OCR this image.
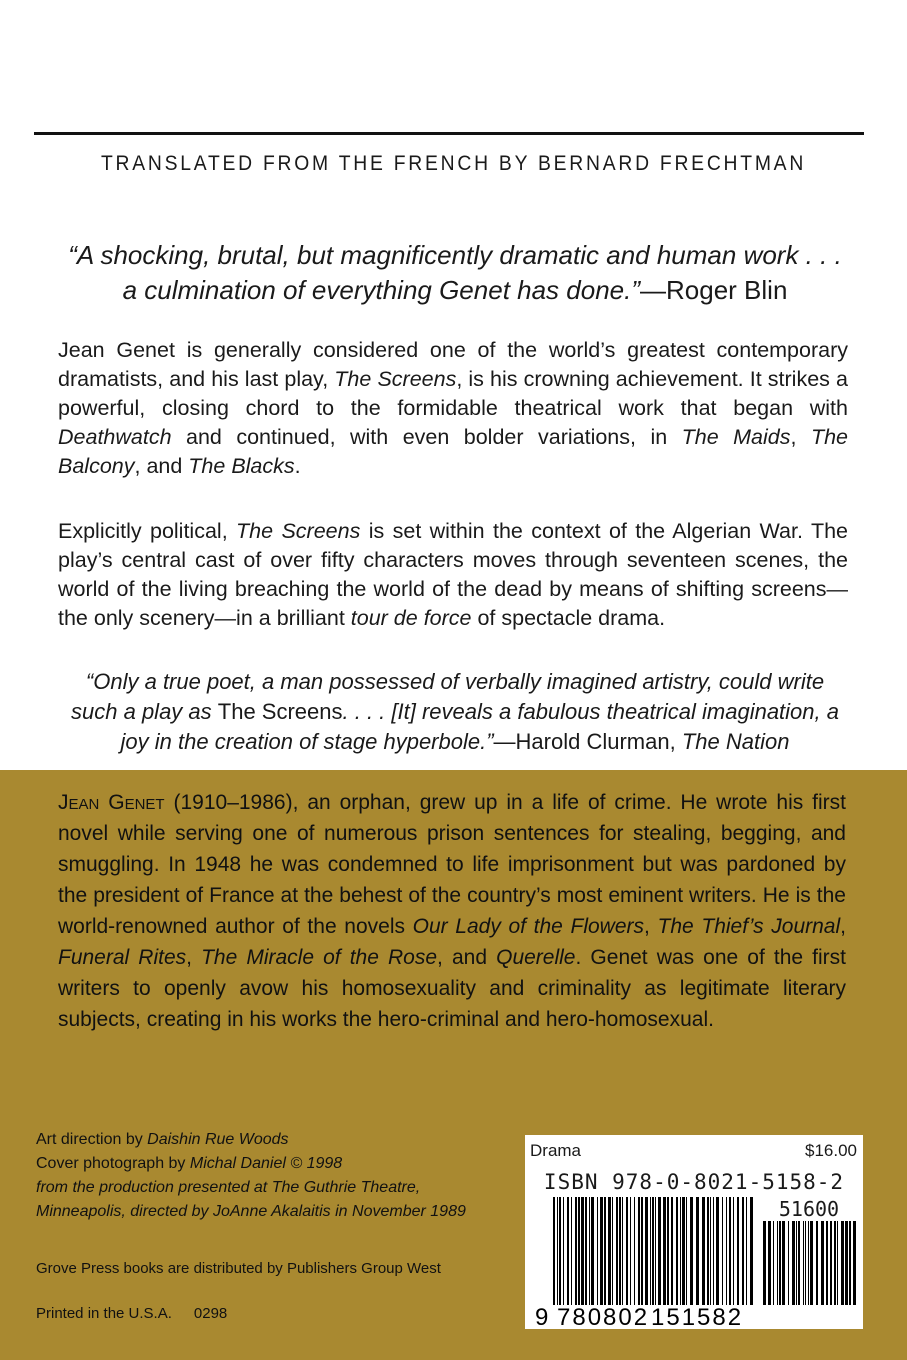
TRANSLATED FROM THE FRENCH BY BERNARD FRECHTMAN
“A shocking, brutal, but magnificently dramatic and human work . . . a culmination of everything Genet has done.”—Roger Blin
Jean Genet is generally considered one of the world’s greatest contemporary dramatists, and his last play, The Screens, is his crowning achievement. It strikes a powerful, closing chord to the formidable theatrical work that began with Deathwatch and continued, with even bolder variations, in The Maids, The Balcony, and The Blacks.
Explicitly political, The Screens is set within the context of the Algerian War. The play’s central cast of over fifty characters moves through seventeen scenes, the world of the living breaching the world of the dead by means of shifting screens—the only scenery—in a brilliant tour de force of spectacle drama.
“Only a true poet, a man possessed of verbally imagined artistry, could write such a play as The Screens. . . . [It] reveals a fabulous theatrical imagination, a joy in the creation of stage hyperbole.”—Harold Clurman, The Nation
Jean Genet (1910–1986), an orphan, grew up in a life of crime. He wrote his first novel while serving one of numerous prison sentences for stealing, begging, and smuggling. In 1948 he was condemned to life imprisonment but was pardoned by the president of France at the behest of the country’s most eminent writers. He is the world-renowned author of the novels Our Lady of the Flowers, The Thief’s Journal, Funeral Rites, The Miracle of the Rose, and Querelle. Genet was one of the first writers to openly avow his homosexuality and criminality as legitimate literary subjects, creating in his works the hero-criminal and hero-homosexual.
Art direction by Daishin Rue Woods
Cover photograph by Michal Daniel © 1998
from the production presented at The Guthrie Theatre,
Minneapolis, directed by JoAnne Akalaitis in November 1989
Grove Press books are distributed by Publishers Group West
Printed in the U.S.A. 0298	9 780802 151582
Drama	$16.00
ISBN 978-0-8021-5158-2
51600
